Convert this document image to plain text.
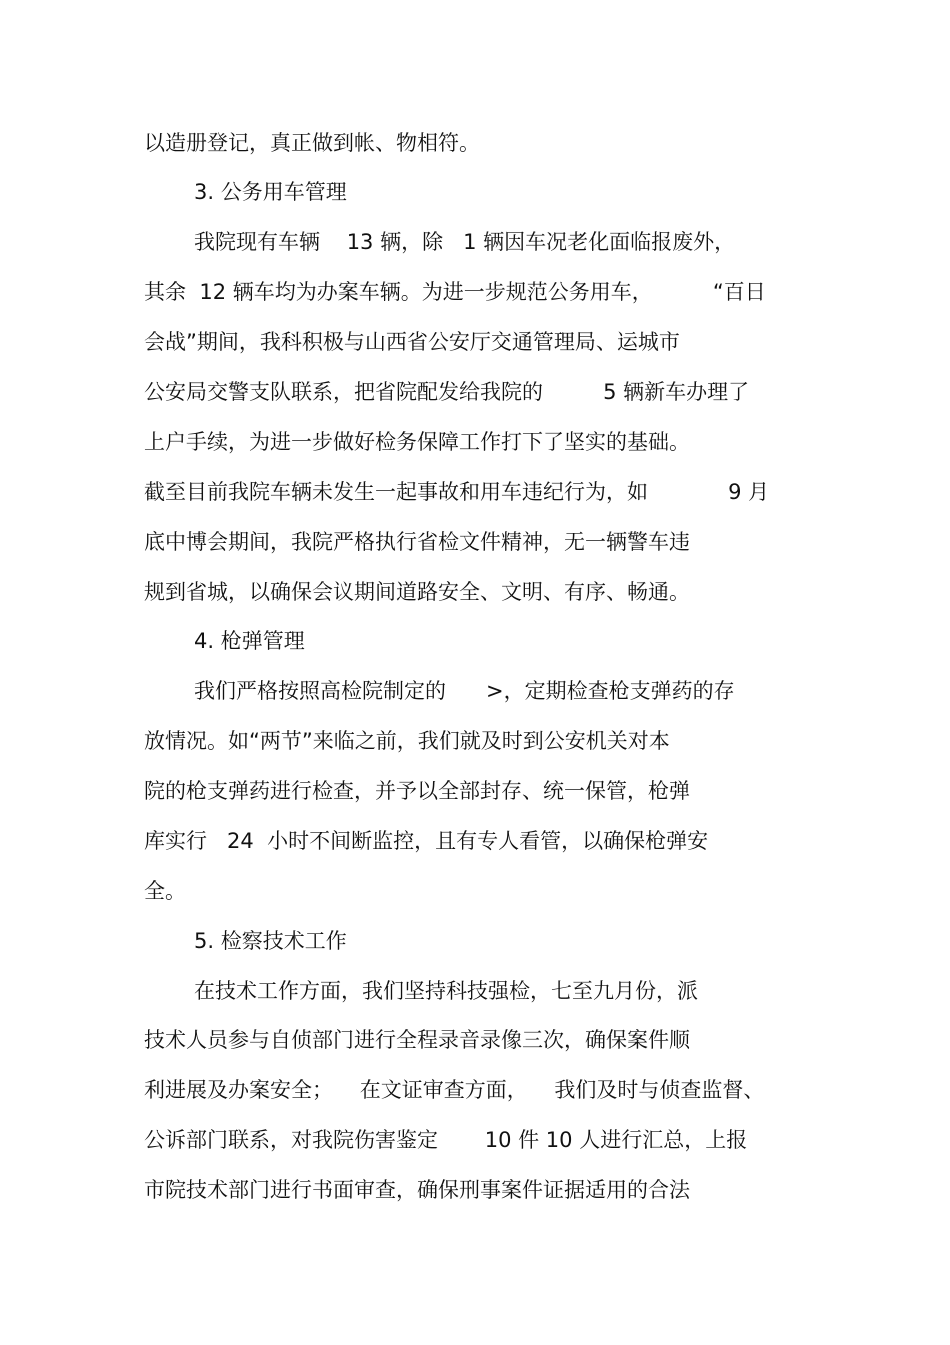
以造册登记，真正做到帐、物相符。
3. 公务用车管理
我院现有车辆    13 辆，除   1 辆因车况老化面临报废外，
其余  12 辆车均为办案车辆。为进一步规范公务用车，         “百日
会战”期间，我科积极与山西省公安厅交通管理局、运城市
公安局交警支队联系，把省院配发给我院的         5 辆新车办理了
上户手续，为进一步做好检务保障工作打下了坚实的基础。
截至目前我院车辆未发生一起事故和用车违纪行为，如            9 月
底中博会期间，我院严格执行省检文件精神，无一辆警车违
规到省城，以确保会议期间道路安全、文明、有序、畅通。
4. 枪弹管理
我们严格按照高检院制定的      >，定期检查枪支弹药的存
放情况。如“两节”来临之前，我们就及时到公安机关对本
院的枪支弹药进行检查，并予以全部封存、统一保管，枪弹
库实行   24  小时不间断监控，且有专人看管，以确保枪弹安
全。
5. 检察技术工作
在技术工作方面，我们坚持科技强检，七至九月份，派
技术人员参与自侦部门进行全程录音录像三次，确保案件顺
利进展及办案安全；    在文证审查方面，    我们及时与侦查监督、
公诉部门联系，对我院伤害鉴定       10 件 10 人进行汇总，上报
市院技术部门进行书面审查，确保刑事案件证据适用的合法
